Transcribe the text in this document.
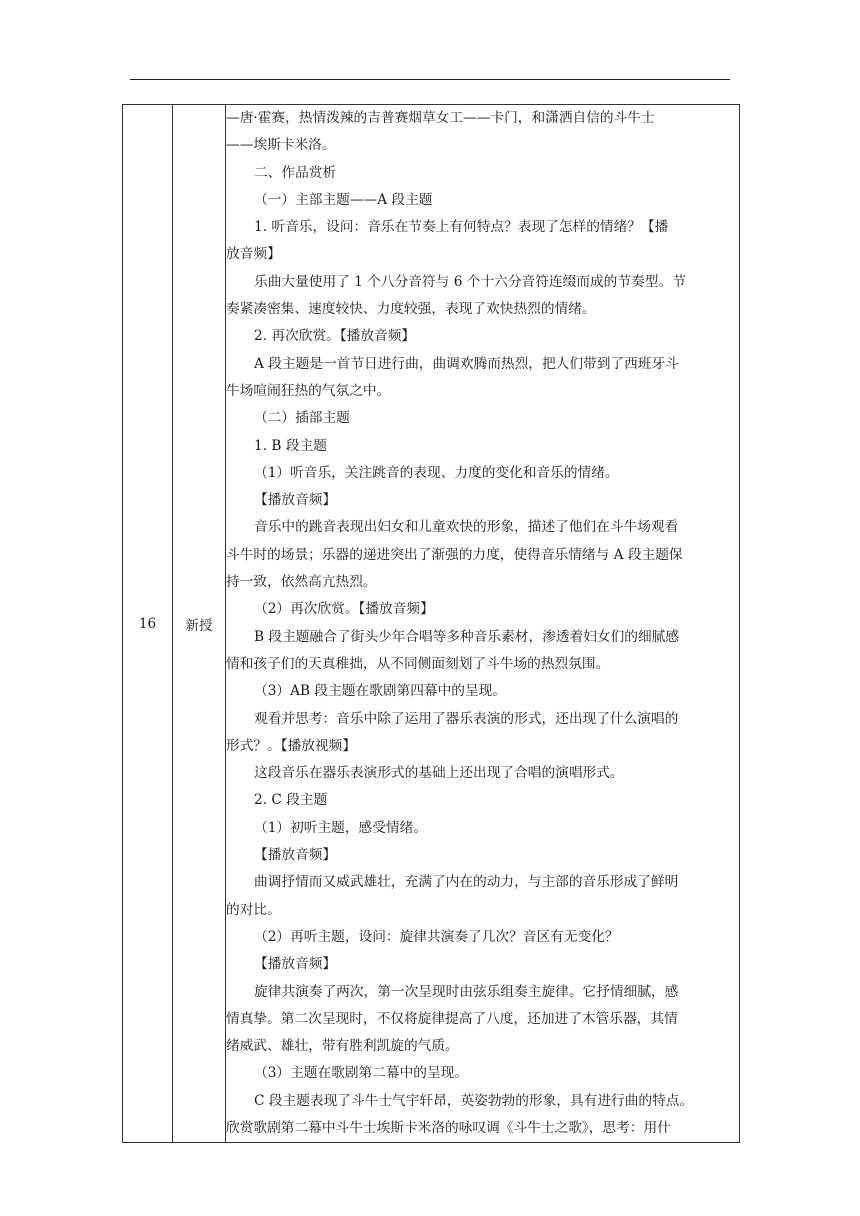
16	新授	
—唐·霍赛，热情泼辣的吉普赛烟草女工——卡门，和潇洒自信的斗牛士
——埃斯卡米洛。
二、作品赏析
（一）主部主题——A 段主题
1. 听音乐，设问：音乐在节奏上有何特点？表现了怎样的情绪？【播
放音频】
乐曲大量使用了 1 个八分音符与 6 个十六分音符连缀而成的节奏型。节
奏紧凑密集、速度较快、力度较强，表现了欢快热烈的情绪。
2. 再次欣赏。【播放音频】
A 段主题是一首节日进行曲，曲调欢腾而热烈，把人们带到了西班牙斗
牛场喧闹狂热的气氛之中。
（二）插部主题
1. B 段主题
（1）听音乐，关注跳音的表现、力度的变化和音乐的情绪。
【播放音频】
音乐中的跳音表现出妇女和儿童欢快的形象，描述了他们在斗牛场观看
斗牛时的场景；乐器的递进突出了渐强的力度，使得音乐情绪与 A 段主题保
持一致，依然高亢热烈。
（2）再次欣赏。【播放音频】
B 段主题融合了街头少年合唱等多种音乐素材，渗透着妇女们的细腻感
情和孩子们的天真稚拙，从不同侧面刻划了斗牛场的热烈氛围。
（3）AB 段主题在歌剧第四幕中的呈现。
观看并思考：音乐中除了运用了器乐表演的形式，还出现了什么演唱的
形式？。【播放视频】
这段音乐在器乐表演形式的基础上还出现了合唱的演唱形式。
2. C 段主题
（1）初听主题，感受情绪。
【播放音频】
曲调抒情而又威武雄壮，充满了内在的动力，与主部的音乐形成了鲜明
的对比。
（2）再听主题，设问：旋律共演奏了几次？音区有无变化？
【播放音频】
旋律共演奏了两次，第一次呈现时由弦乐组奏主旋律。它抒情细腻，感
情真挚。第二次呈现时，不仅将旋律提高了八度，还加进了木管乐器，其情
绪威武、雄壮，带有胜利凯旋的气质。
（3）主题在歌剧第二幕中的呈现。
C 段主题表现了斗牛士气宇轩昂，英姿勃勃的形象，具有进行曲的特点。
欣赏歌剧第二幕中斗牛士埃斯卡米洛的咏叹调《斗牛士之歌》，思考：用什
